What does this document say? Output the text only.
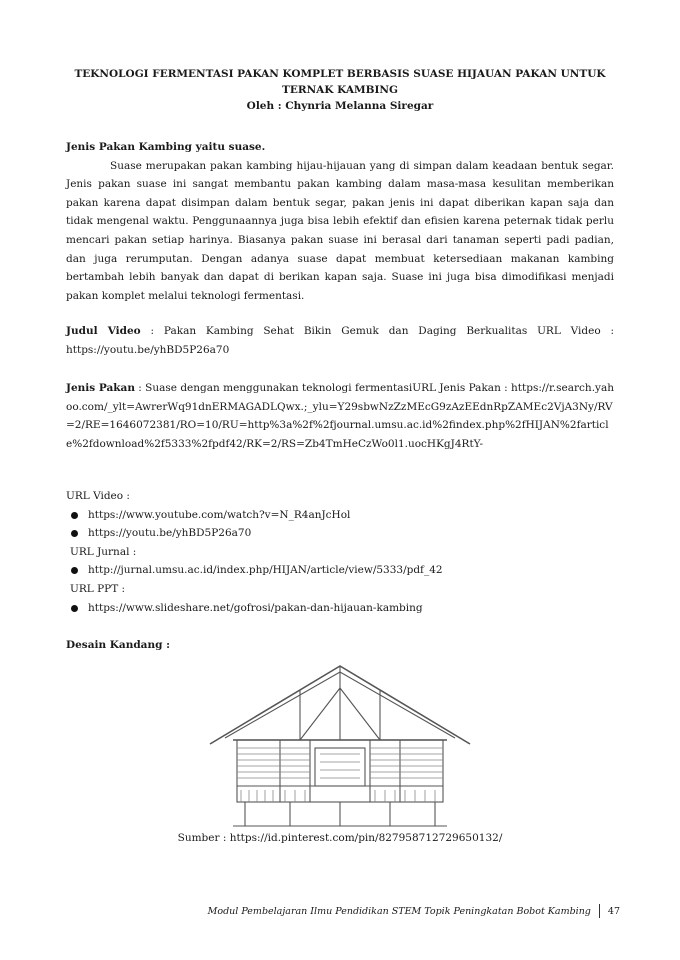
TEKNOLOGI FERMENTASI PAKAN KOMPLET BERBASIS SUASE HIJAUAN PAKAN UNTUK
TERNAK KAMBING
Oleh : Chynria Melanna Siregar
Jenis Pakan Kambing yaitu suase.
Suase merupakan pakan kambing hijau-hijauan yang di simpan dalam keadaan bentuk segar. Jenis pakan suase ini sangat membantu pakan kambing dalam masa-masa kesulitan memberikan pakan karena dapat disimpan dalam bentuk segar, pakan jenis ini dapat diberikan kapan saja dan tidak mengenal waktu. Penggunaannya juga bisa lebih efektif dan efisien karena peternak tidak perlu mencari pakan setiap harinya. Biasanya pakan suase ini berasal dari tanaman seperti padi padian, dan juga rerumputan. Dengan adanya suase dapat membuat ketersediaan makanan kambing bertambah lebih banyak dan dapat di berikan kapan saja. Suase ini juga bisa dimodifikasi menjadi pakan komplet melalui teknologi fermentasi.
Judul Video : Pakan Kambing Sehat Bikin Gemuk dan Daging Berkualitas URL Video : https://youtu.be/yhBD5P26a70
Jenis Pakan : Suase dengan menggunakan teknologi fermentasiURL Jenis Pakan : https://r.search.yahoo.com/_ylt=AwrerWq91dnERMAGADLQwx.;_ylu=Y29sbwNzZzMEcG9zAzEEdnRpZAMEc2VjA3Ny/RV=2/RE=1646072381/RO=10/RU=http%3a%2f%2fjournal.umsu.ac.id%2findex.php%2fHIJAN%2farticle%2fdownload%2f5333%2fpdf42/RK=2/RS=Zb4TmHeCzWo0l1.uocHKgJ4RtY-
URL Video :
https://www.youtube.com/watch?v=N_R4anJcHol
https://youtu.be/yhBD5P26a70
URL Jurnal :
http://jurnal.umsu.ac.id/index.php/HIJAN/article/view/5333/pdf_42
URL PPT :
https://www.slideshare.net/gofrosi/pakan-dan-hijauan-kambing
Desain Kandang :
Sumber : https://id.pinterest.com/pin/827958712729650132/
Modul Pembelajaran Ilmu Pendidikan STEM Topik Peningkatan Bobot Kambing 47
